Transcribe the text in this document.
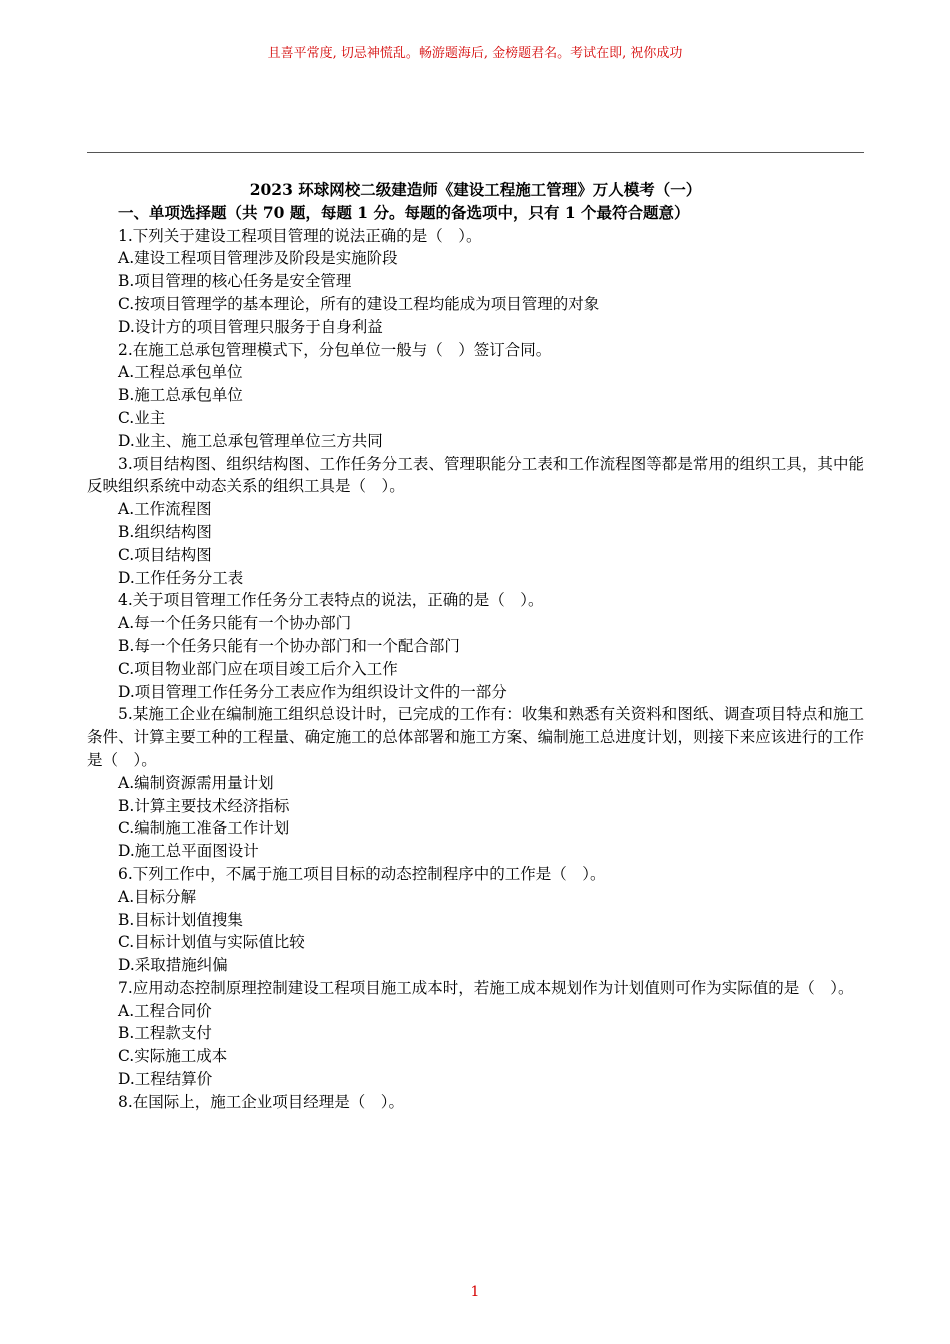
且喜平常度, 切忌神慌乱。畅游题海后, 金榜题君名。考试在即, 祝你成功
2023 环球网校二级建造师《建设工程施工管理》万人模考（一）
一、单项选择题（共 70 题，每题 1 分。每题的备选项中，只有 1 个最符合题意）
1.下列关于建设工程项目管理的说法正确的是（　）。
A.建设工程项目管理涉及阶段是实施阶段
B.项目管理的核心任务是安全管理
C.按项目管理学的基本理论，所有的建设工程均能成为项目管理的对象
D.设计方的项目管理只服务于自身利益
2.在施工总承包管理模式下，分包单位一般与（　）签订合同。
A.工程总承包单位
B.施工总承包单位
C.业主
D.业主、施工总承包管理单位三方共同
3.项目结构图、组织结构图、工作任务分工表、管理职能分工表和工作流程图等都是常用的组织工具，其中能反映组织系统中动态关系的组织工具是（　）。
A.工作流程图
B.组织结构图
C.项目结构图
D.工作任务分工表
4.关于项目管理工作任务分工表特点的说法，正确的是（　）。
A.每一个任务只能有一个协办部门
B.每一个任务只能有一个协办部门和一个配合部门
C.项目物业部门应在项目竣工后介入工作
D.项目管理工作任务分工表应作为组织设计文件的一部分
5.某施工企业在编制施工组织总设计时，已完成的工作有：收集和熟悉有关资料和图纸、调查项目特点和施工条件、计算主要工种的工程量、确定施工的总体部署和施工方案、编制施工总进度计划，则接下来应该进行的工作是（　）。
A.编制资源需用量计划
B.计算主要技术经济指标
C.编制施工准备工作计划
D.施工总平面图设计
6.下列工作中，不属于施工项目目标的动态控制程序中的工作是（　）。
A.目标分解
B.目标计划值搜集
C.目标计划值与实际值比较
D.采取措施纠偏
7.应用动态控制原理控制建设工程项目施工成本时，若施工成本规划作为计划值则可作为实际值的是（　）。
A.工程合同价
B.工程款支付
C.实际施工成本
D.工程结算价
8.在国际上，施工企业项目经理是（　）。
1
